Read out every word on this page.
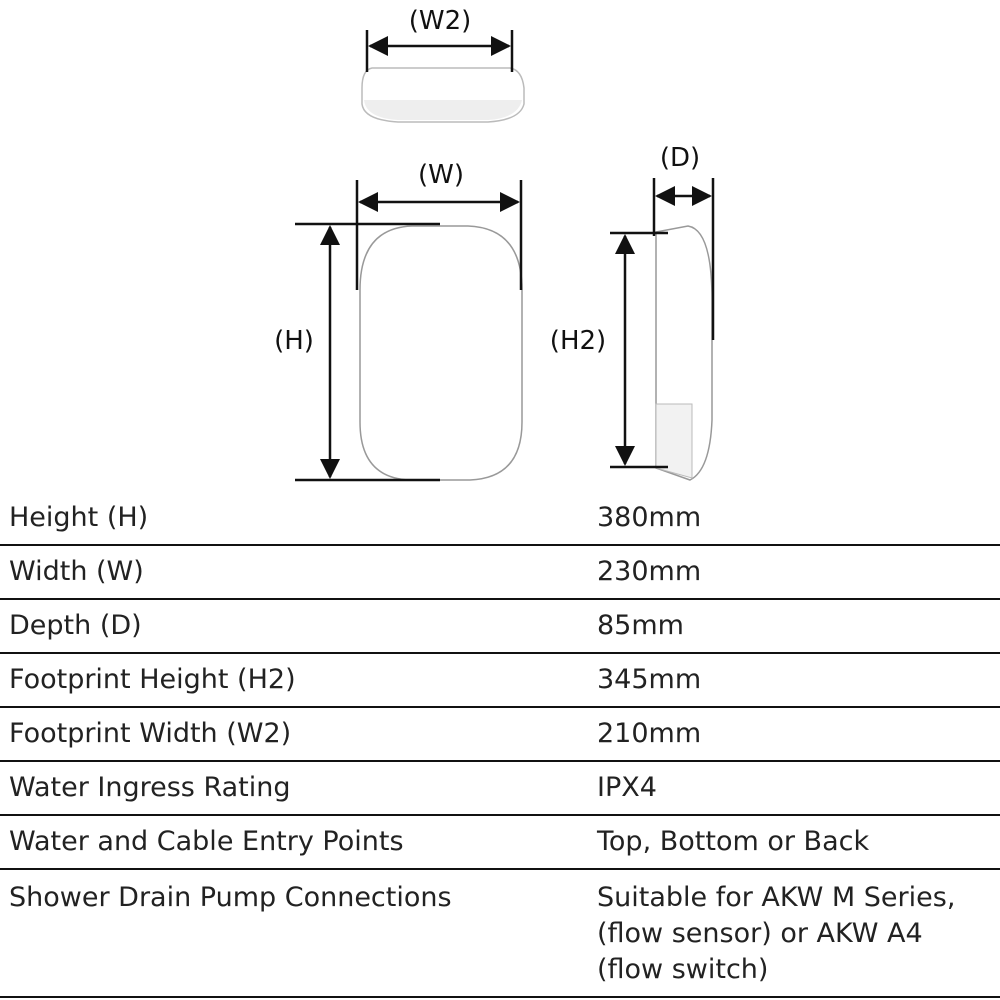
(W2)
(W)
(H)
(D)
(H2)
Height (H)	380mm
Width (W)	230mm
Depth (D)	85mm
Footprint Height (H2)	345mm
Footprint Width (W2)	210mm
Water Ingress Rating	IPX4
Water and Cable Entry Points	Top, Bottom or Back
Shower Drain Pump Connections	Suitable for AKW M Series,
(flow sensor) or AKW A4
(flow switch)
